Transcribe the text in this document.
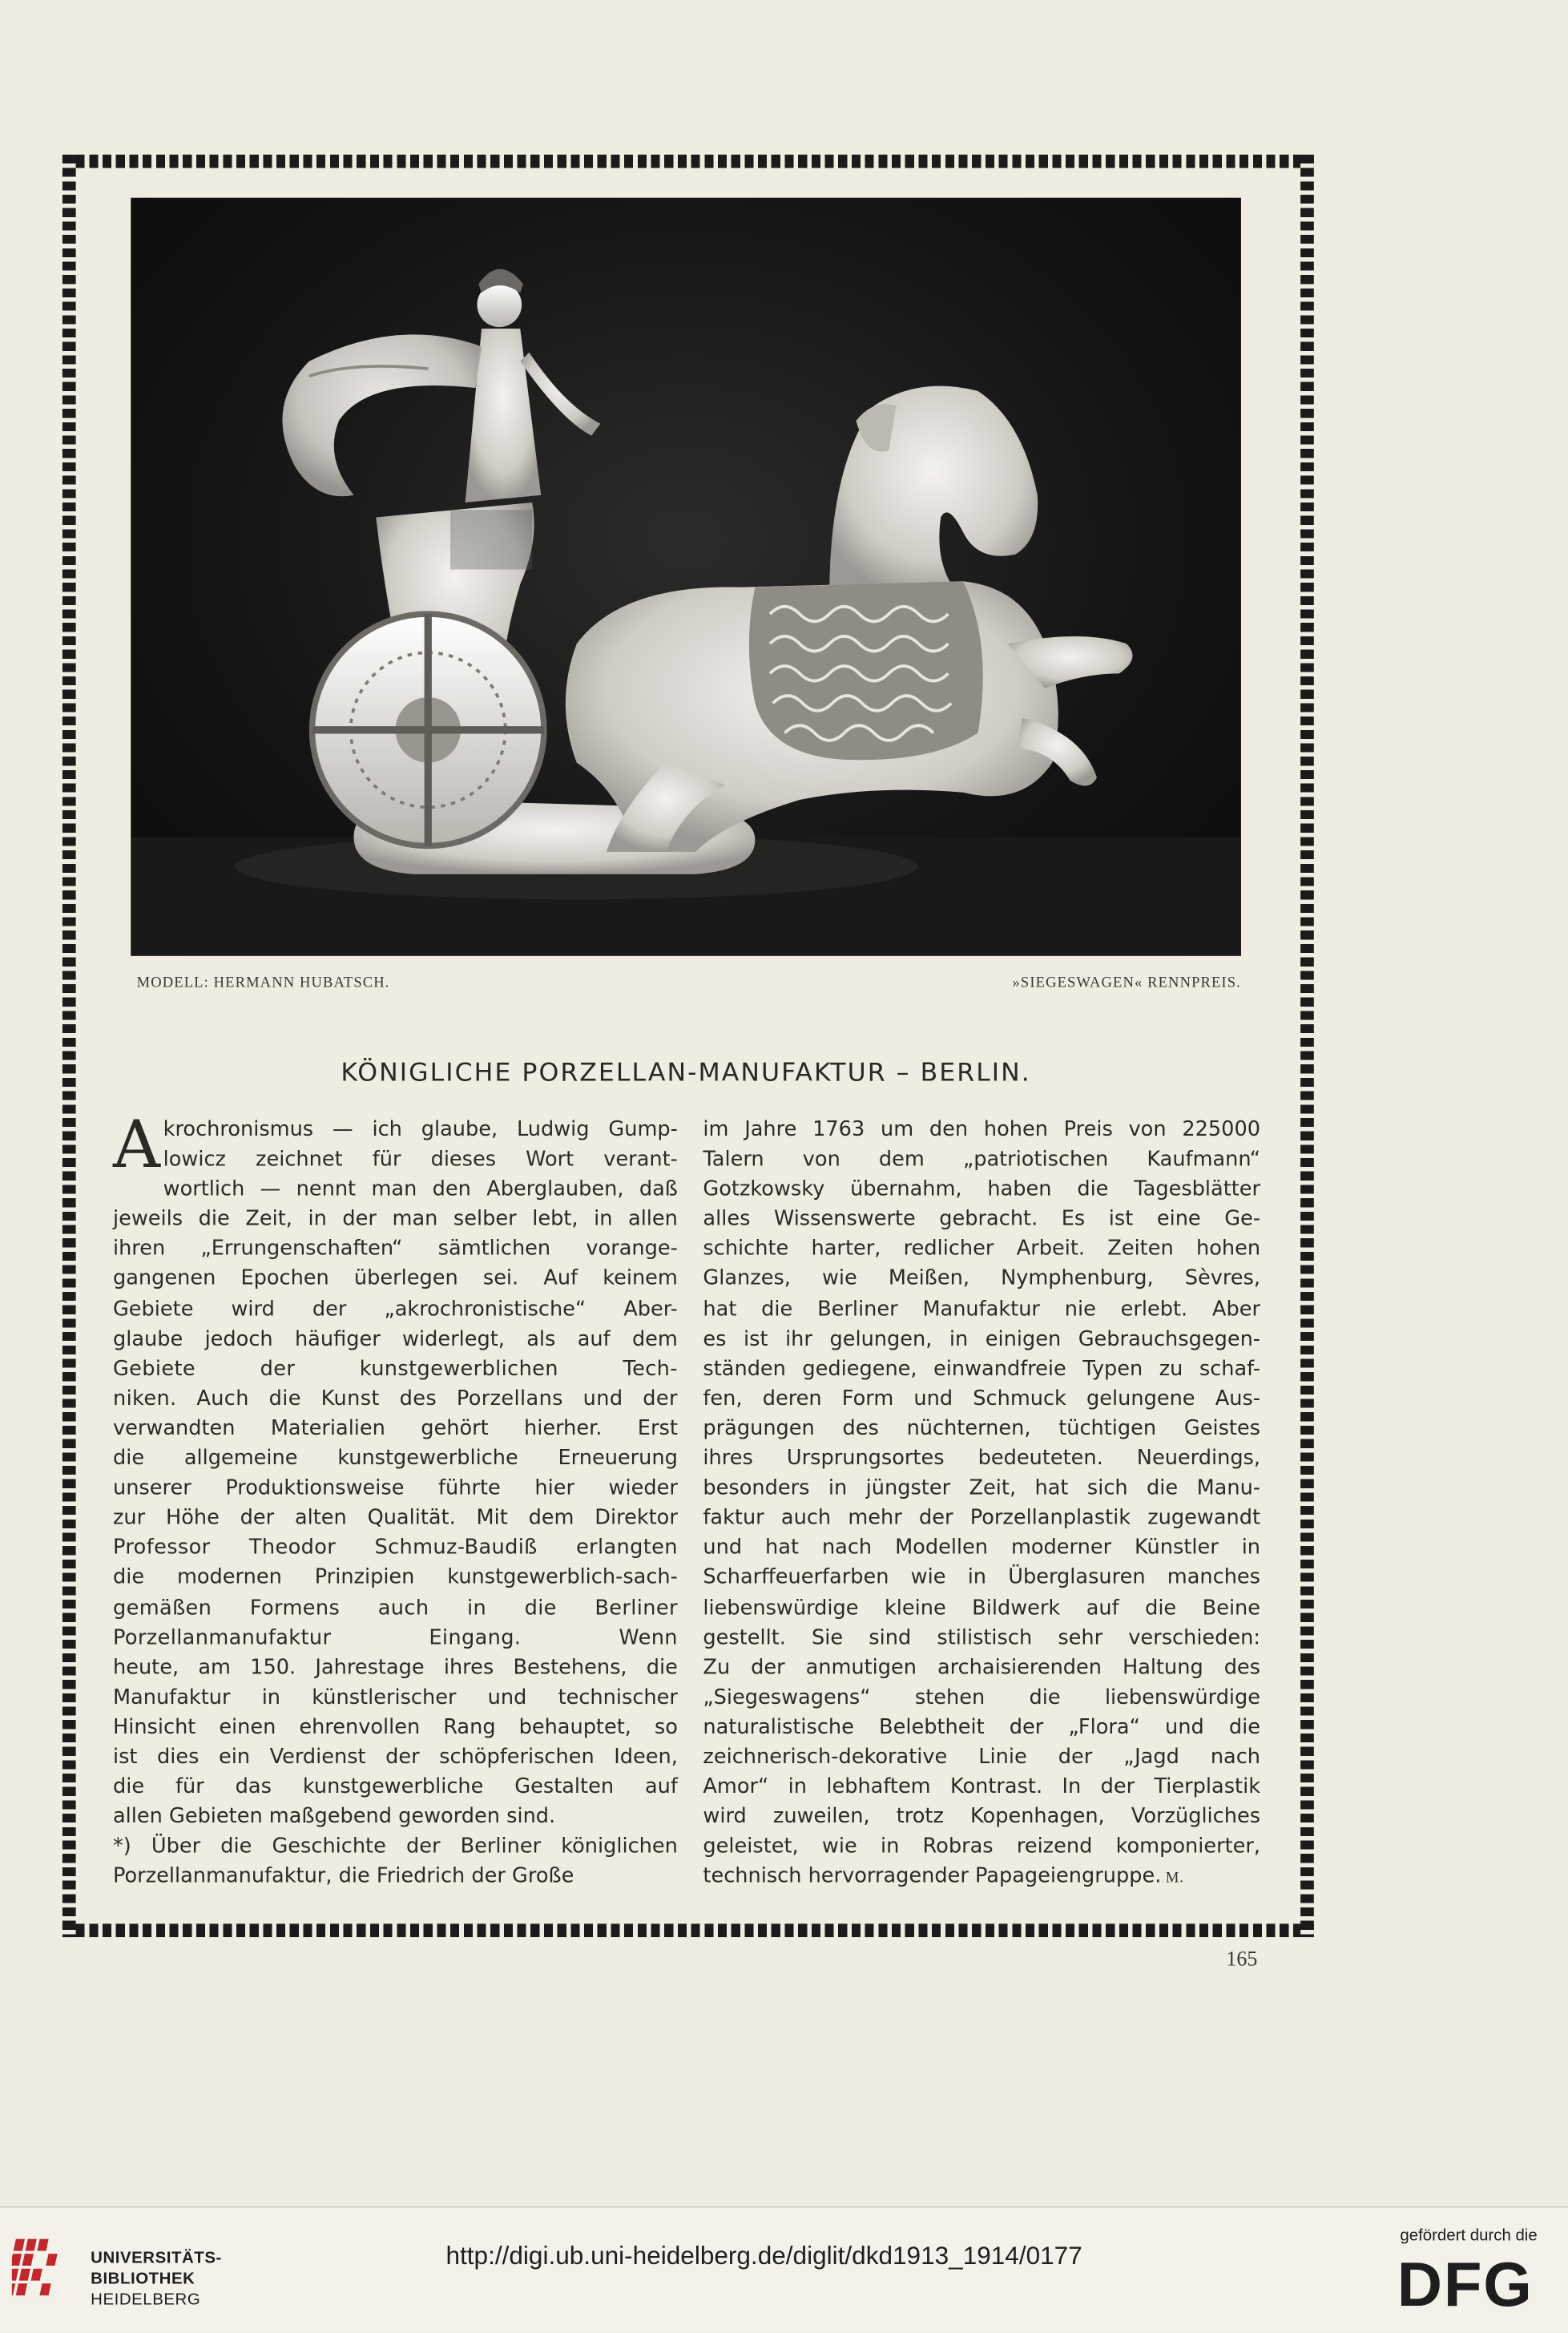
MODELL: HERMANN HUBATSCH.	»SIEGESWAGEN« RENNPREIS.
KÖNIGLICHE PORZELLAN-MANUFAKTUR – BERLIN.
A krochronismus — ich glaube, Ludwig Gump-
lowicz zeichnet für dieses Wort verant-
wortlich — nennt man den Aberglauben, daß
jeweils die Zeit, in der man selber lebt, in allen
ihren „Errungenschaften“ sämtlichen vorange-
gangenen Epochen überlegen sei. Auf keinem
Gebiete wird der „akrochronistische“ Aber-
glaube jedoch häufiger widerlegt, als auf dem
Gebiete der kunstgewerblichen Tech-
niken. Auch die Kunst des Porzellans und der
verwandten Materialien gehört hierher. Erst
die allgemeine kunstgewerbliche Erneuerung
unserer Produktionsweise führte hier wieder
zur Höhe der alten Qualität. Mit dem Direktor
Professor Theodor Schmuz-Baudiß erlangten
die modernen Prinzipien kunstgewerblich-sach-
gemäßen Formens auch in die Berliner
Porzellanmanufaktur Eingang. Wenn
heute, am 150. Jahrestage ihres Bestehens, die
Manufaktur in künstlerischer und technischer
Hinsicht einen ehrenvollen Rang behauptet, so
ist dies ein Verdienst der schöpferischen Ideen,
die für das kunstgewerbliche Gestalten auf
allen Gebieten maßgebend geworden sind.
*) Über die Geschichte der Berliner königlichen
Porzellanmanufaktur, die Friedrich der Große
im Jahre 1763 um den hohen Preis von 225000
Talern von dem „patriotischen Kaufmann“
Gotzkowsky übernahm, haben die Tagesblätter
alles Wissenswerte gebracht. Es ist eine Ge-
schichte harter, redlicher Arbeit. Zeiten hohen
Glanzes, wie Meißen, Nymphenburg, Sèvres,
hat die Berliner Manufaktur nie erlebt. Aber
es ist ihr gelungen, in einigen Gebrauchsgegen-
ständen gediegene, einwandfreie Typen zu schaf-
fen, deren Form und Schmuck gelungene Aus-
prägungen des nüchternen, tüchtigen Geistes
ihres Ursprungsortes bedeuteten. Neuerdings,
besonders in jüngster Zeit, hat sich die Manu-
faktur auch mehr der Porzellanplastik zugewandt
und hat nach Modellen moderner Künstler in
Scharffeuerfarben wie in Überglasuren manches
liebenswürdige kleine Bildwerk auf die Beine
gestellt. Sie sind stilistisch sehr verschieden:
Zu der anmutigen archaisierenden Haltung des
„Siegeswagens“ stehen die liebenswürdige
naturalistische Belebtheit der „Flora“ und die
zeichnerisch-dekorative Linie der „Jagd nach
Amor“ in lebhaftem Kontrast. In der Tierplastik
wird zuweilen, trotz Kopenhagen, Vorzügliches
geleistet, wie in Robras reizend komponierter,
technisch hervorragender Papageiengruppe. M.
165
UNIVERSITÄTS-
BIBLIOTHEK
HEIDELBERG
http://digi.ub.uni-heidelberg.de/diglit/dkd1913_1914/0177
gefördert durch die
DFG
